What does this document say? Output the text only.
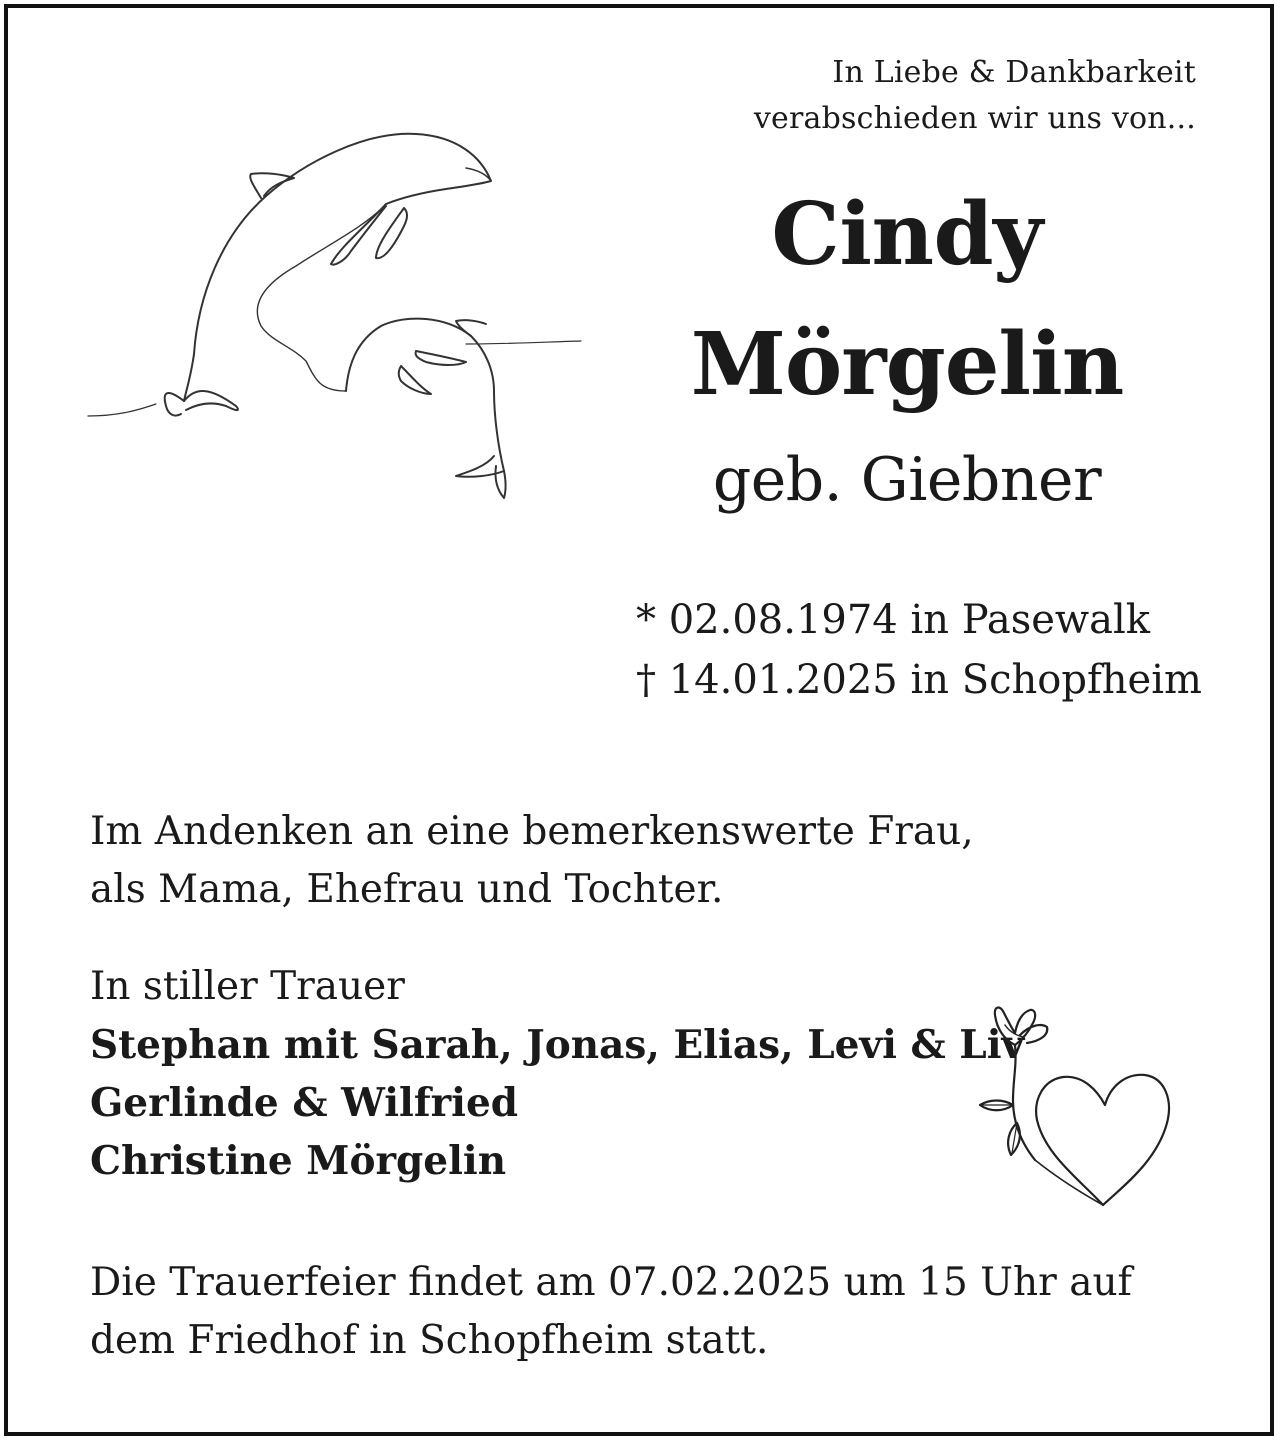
In Liebe & Dankbarkeit
verabschieden wir uns von...
Cindy
Mörgelin
geb. Giebner
* 02.08.1974 in Pasewalk
† 14.01.2025 in Schopfheim
Im Andenken an eine bemerkenswerte Frau,
als Mama, Ehefrau und Tochter.
In stiller Trauer
Stephan mit Sarah, Jonas, Elias, Levi & Liv
Gerlinde & Wilfried
Christine Mörgelin
Die Trauerfeier findet am 07.02.2025 um 15 Uhr auf
dem Friedhof in Schopfheim statt.
